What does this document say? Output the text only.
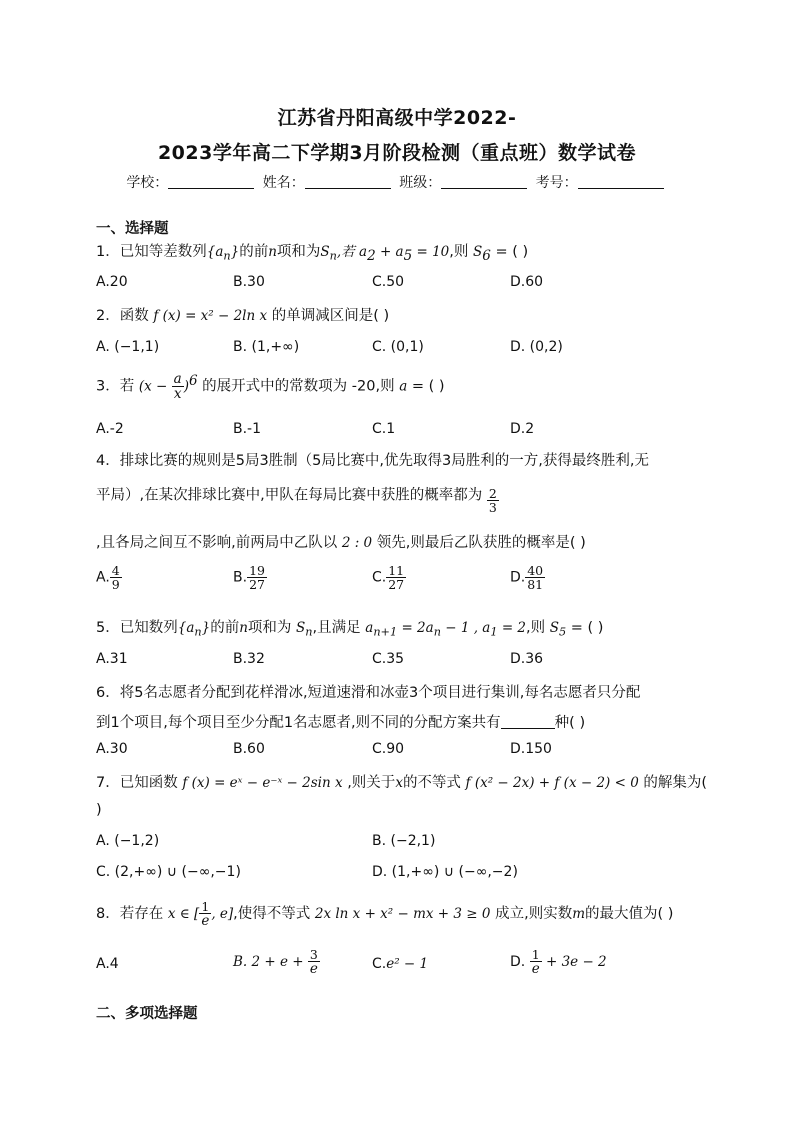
江苏省丹阳高级中学2022-
2023学年高二下学期3月阶段检测（重点班）数学试卷
学校：	姓名：	班级：	考号：
一、选择题
1．已知等差数列$\{a_n\}$的前n项和为$S_n$,若 $a_2 + a_5 = 10$,则 $S_6$ = ( )
A.20	B.30	C.50	D.60
2．函数 f (x) = x² − 2ln x 的单调减区间是( )
A. (−1,1)	B. (1,+∞)	C. (0,1)	D. (0,2)
3．若 $(x - \frac{a}{x} )^6$ 的展开式中的常数项为 -20,则 a = ( )
A.-2	B.-1	C.1	D.2
4．排球比赛的规则是5局3胜制（5局比赛中,优先取得3局胜利的一方,获得最终胜利,无
平局）,在某次排球比赛中,甲队在每局比赛中获胜的概率都为 $\frac{2}{3}$
,且各局之间互不影响,前两局中乙队以 2 : 0 领先,则最后乙队获胜的概率是( )
A. $\frac{4}{9}$	B. $\frac{19}{27}$	C. $\frac{11}{27}$	D. $\frac{40}{81}$
5．已知数列$\{a_n\}$的前n项和为 $S_n$,且满足 $a_{n+1} = 2a_n - 1$ , $a_1 = 2$,则 $S_5$ = ( )
A.31	B.32	C.35	D.36
6．将5名志愿者分配到花样滑冰,短道速滑和冰壶3个项目进行集训,每名志愿者只分配
到1个项目,每个项目至少分配1名志愿者,则不同的分配方案共有	种( )
A.30	B.60	C.90	D.150
7．已知函数 f (x) = eˣ − e⁻ˣ − 2sin x ,则关于x的不等式 f (x² − 2x) + f (x − 2) < 0 的解集为(
)
A. (−1,2)	B. (−2,1)
C. (2,+∞) ∪ (−∞,−1)	D. (1,+∞) ∪ (−∞,−2)
8．若存在 x ∈ [ $\frac{1}{e}$ , e],使得不等式 2x ln x + x² − mx + 3 ≥ 0 成立,则实数m的最大值为( )
A.4	B. $2 + e + \frac{3}{e}$	C.e² − 1	D. $\frac{1}{e} + 3e - 2$
二、多项选择题
